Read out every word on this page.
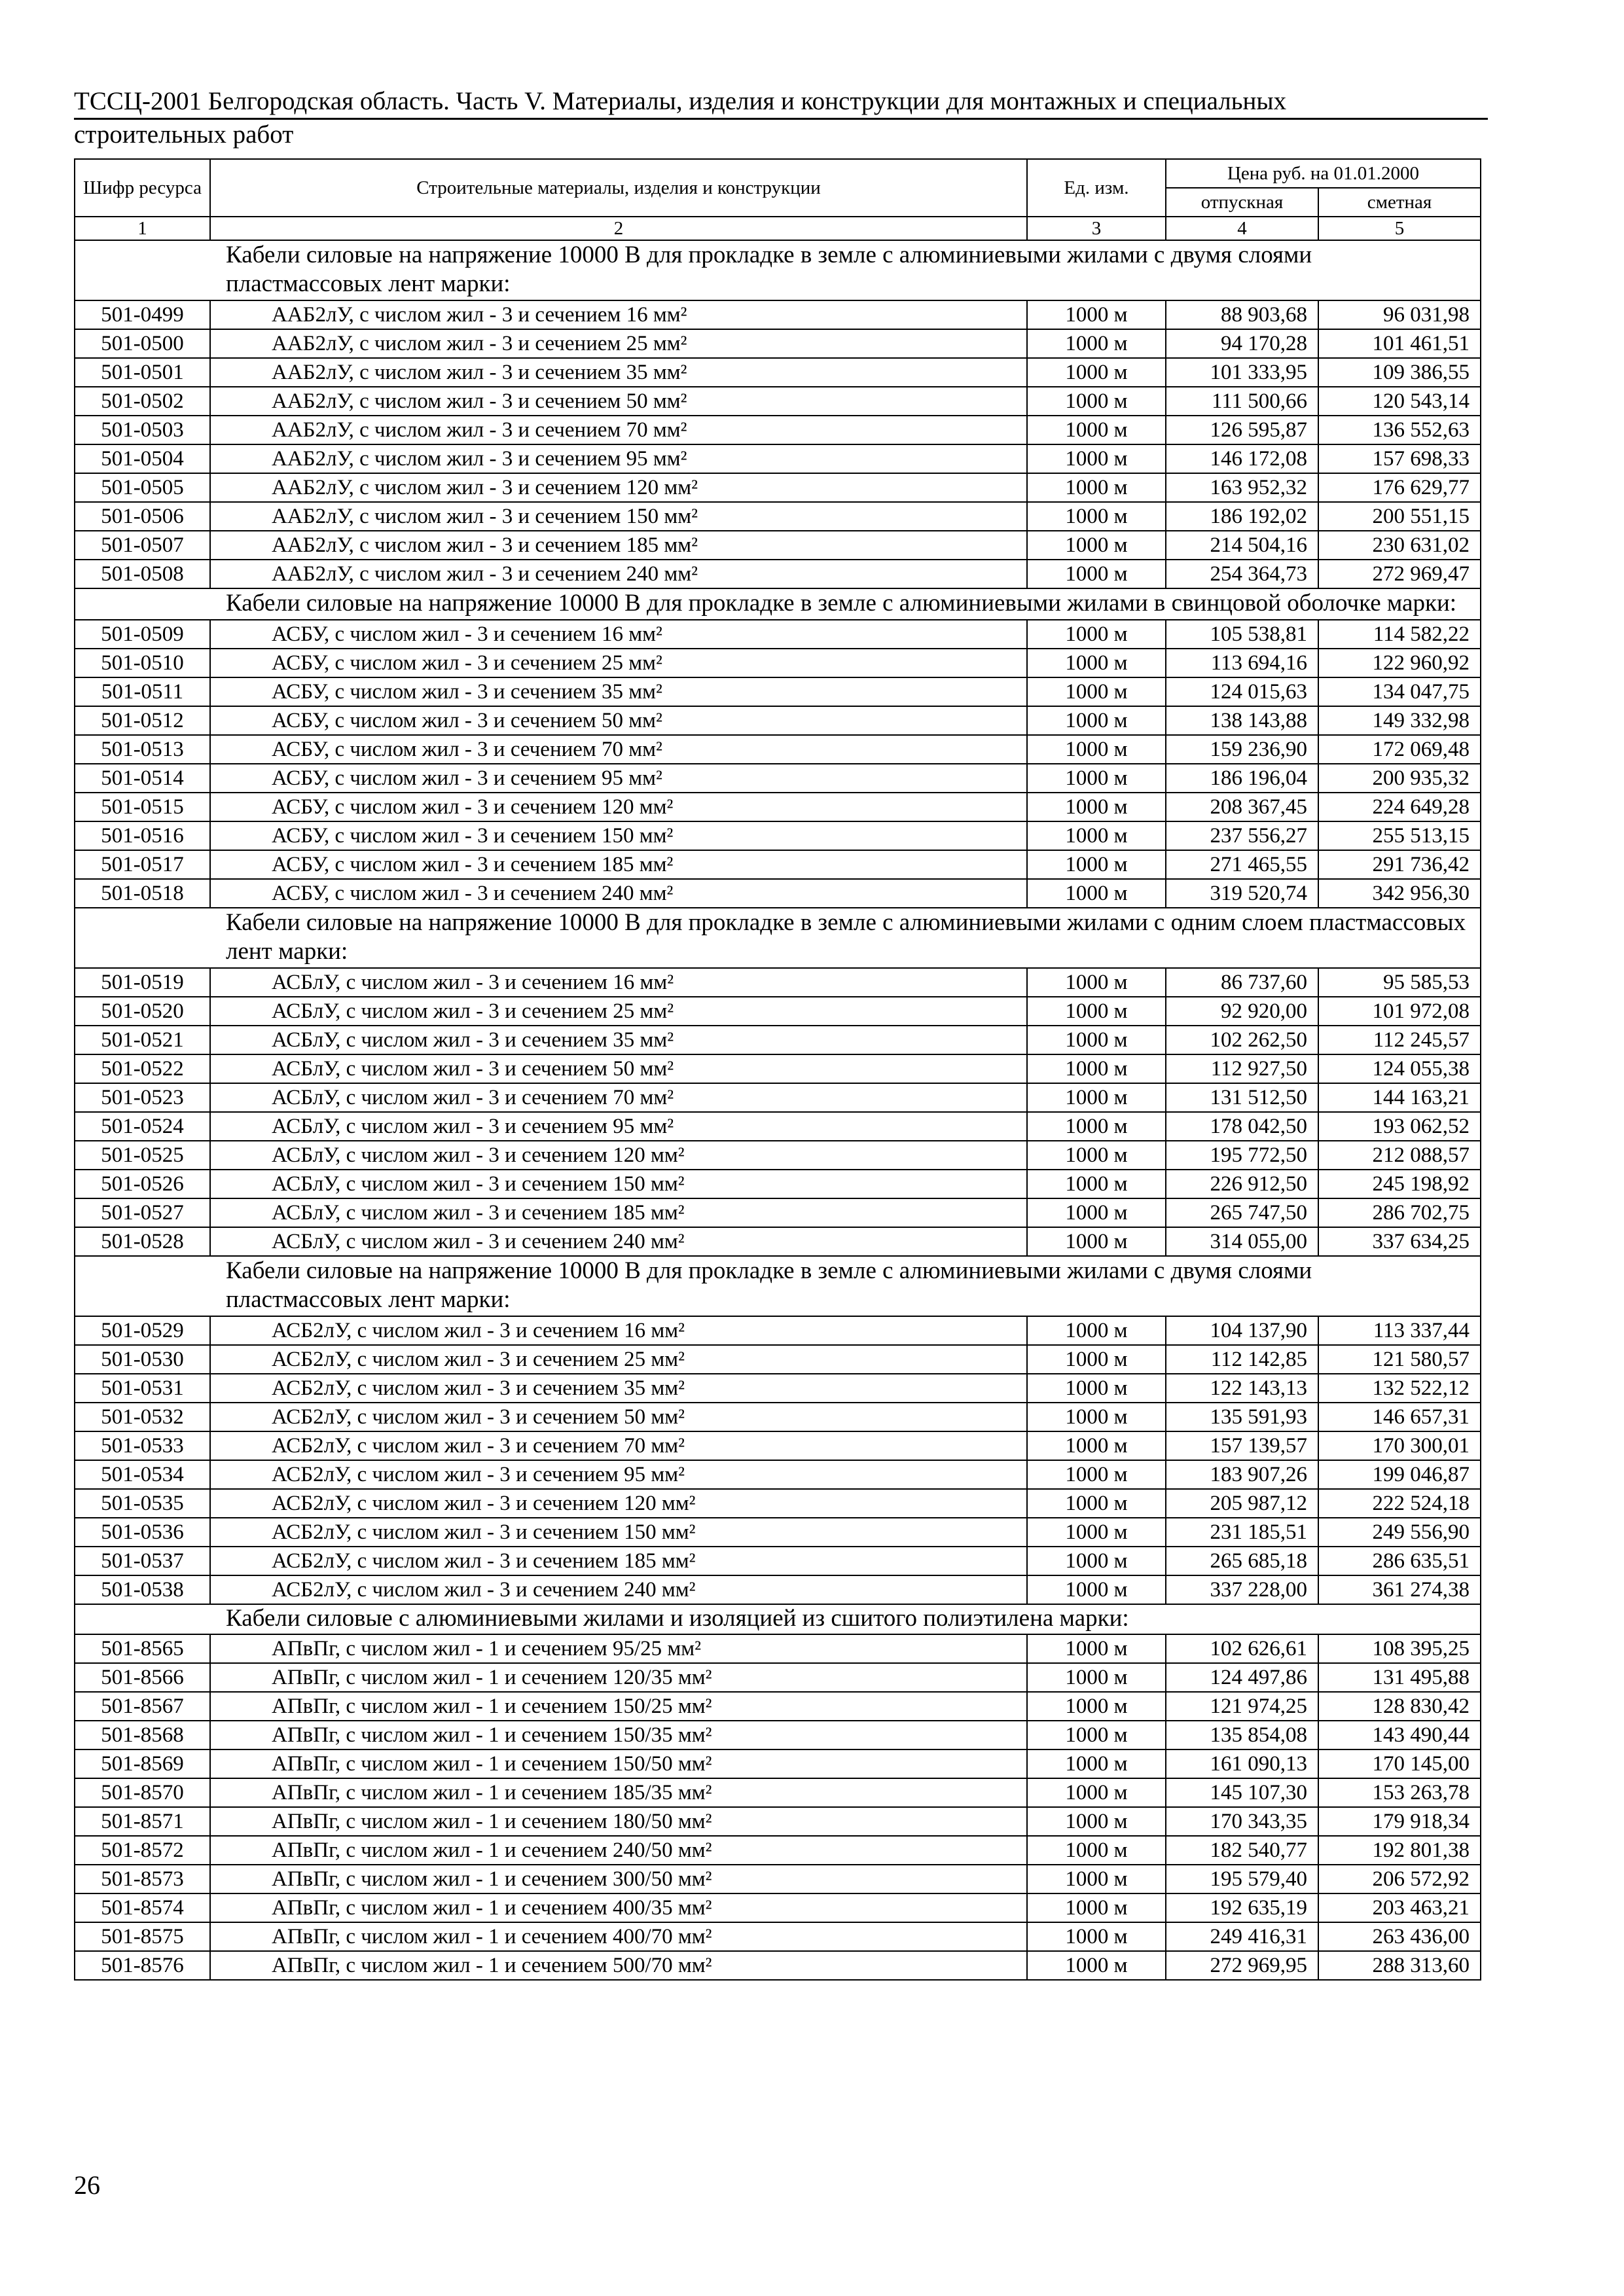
ТССЦ-2001 Белгородская область. Часть V. Материалы, изделия и конструкции для монтажных и специальных
строительных работ
Шифр ресурса	Строительные материалы, изделия и конструкции	Ед. изм.	Цена руб. на 01.01.2000	
			отпускная	сметная
1	2	3	4	5
Кабели силовые на напряжение 10000 В для прокладке в земле с алюминиевыми жилами с двумя слоями пластмассовых лент марки:				
501-0499	ААБ2лУ, с числом жил - 3 и сечением 16 мм²	1000 м	88 903,68	96 031,98
501-0500	ААБ2лУ, с числом жил - 3 и сечением 25 мм²	1000 м	94 170,28	101 461,51
501-0501	ААБ2лУ, с числом жил - 3 и сечением 35 мм²	1000 м	101 333,95	109 386,55
501-0502	ААБ2лУ, с числом жил - 3 и сечением 50 мм²	1000 м	111 500,66	120 543,14
501-0503	ААБ2лУ, с числом жил - 3 и сечением 70 мм²	1000 м	126 595,87	136 552,63
501-0504	ААБ2лУ, с числом жил - 3 и сечением 95 мм²	1000 м	146 172,08	157 698,33
501-0505	ААБ2лУ, с числом жил - 3 и сечением 120 мм²	1000 м	163 952,32	176 629,77
501-0506	ААБ2лУ, с числом жил - 3 и сечением 150 мм²	1000 м	186 192,02	200 551,15
501-0507	ААБ2лУ, с числом жил - 3 и сечением 185 мм²	1000 м	214 504,16	230 631,02
501-0508	ААБ2лУ, с числом жил - 3 и сечением 240 мм²	1000 м	254 364,73	272 969,47
Кабели силовые на напряжение 10000 В для прокладке в земле с алюминиевыми жилами в свинцовой оболочке марки:				
501-0509	АСБУ, с числом жил - 3 и сечением 16 мм²	1000 м	105 538,81	114 582,22
501-0510	АСБУ, с числом жил - 3 и сечением 25 мм²	1000 м	113 694,16	122 960,92
501-0511	АСБУ, с числом жил - 3 и сечением 35 мм²	1000 м	124 015,63	134 047,75
501-0512	АСБУ, с числом жил - 3 и сечением 50 мм²	1000 м	138 143,88	149 332,98
501-0513	АСБУ, с числом жил - 3 и сечением 70 мм²	1000 м	159 236,90	172 069,48
501-0514	АСБУ, с числом жил - 3 и сечением 95 мм²	1000 м	186 196,04	200 935,32
501-0515	АСБУ, с числом жил - 3 и сечением 120 мм²	1000 м	208 367,45	224 649,28
501-0516	АСБУ, с числом жил - 3 и сечением 150 мм²	1000 м	237 556,27	255 513,15
501-0517	АСБУ, с числом жил - 3 и сечением 185 мм²	1000 м	271 465,55	291 736,42
501-0518	АСБУ, с числом жил - 3 и сечением 240 мм²	1000 м	319 520,74	342 956,30
Кабели силовые на напряжение 10000 В для прокладке в земле с алюминиевыми жилами с одним слоем пластмассовых лент марки:				
501-0519	АСБлУ, с числом жил - 3 и сечением 16 мм²	1000 м	86 737,60	95 585,53
501-0520	АСБлУ, с числом жил - 3 и сечением 25 мм²	1000 м	92 920,00	101 972,08
501-0521	АСБлУ, с числом жил - 3 и сечением 35 мм²	1000 м	102 262,50	112 245,57
501-0522	АСБлУ, с числом жил - 3 и сечением 50 мм²	1000 м	112 927,50	124 055,38
501-0523	АСБлУ, с числом жил - 3 и сечением 70 мм²	1000 м	131 512,50	144 163,21
501-0524	АСБлУ, с числом жил - 3 и сечением 95 мм²	1000 м	178 042,50	193 062,52
501-0525	АСБлУ, с числом жил - 3 и сечением 120 мм²	1000 м	195 772,50	212 088,57
501-0526	АСБлУ, с числом жил - 3 и сечением 150 мм²	1000 м	226 912,50	245 198,92
501-0527	АСБлУ, с числом жил - 3 и сечением 185 мм²	1000 м	265 747,50	286 702,75
501-0528	АСБлУ, с числом жил - 3 и сечением 240 мм²	1000 м	314 055,00	337 634,25
Кабели силовые на напряжение 10000 В для прокладке в земле с алюминиевыми жилами с двумя слоями пластмассовых лент марки:				
501-0529	АСБ2лУ, с числом жил - 3 и сечением 16 мм²	1000 м	104 137,90	113 337,44
501-0530	АСБ2лУ, с числом жил - 3 и сечением 25 мм²	1000 м	112 142,85	121 580,57
501-0531	АСБ2лУ, с числом жил - 3 и сечением 35 мм²	1000 м	122 143,13	132 522,12
501-0532	АСБ2лУ, с числом жил - 3 и сечением 50 мм²	1000 м	135 591,93	146 657,31
501-0533	АСБ2лУ, с числом жил - 3 и сечением 70 мм²	1000 м	157 139,57	170 300,01
501-0534	АСБ2лУ, с числом жил - 3 и сечением 95 мм²	1000 м	183 907,26	199 046,87
501-0535	АСБ2лУ, с числом жил - 3 и сечением 120 мм²	1000 м	205 987,12	222 524,18
501-0536	АСБ2лУ, с числом жил - 3 и сечением 150 мм²	1000 м	231 185,51	249 556,90
501-0537	АСБ2лУ, с числом жил - 3 и сечением 185 мм²	1000 м	265 685,18	286 635,51
501-0538	АСБ2лУ, с числом жил - 3 и сечением 240 мм²	1000 м	337 228,00	361 274,38
Кабели силовые с алюминиевыми жилами и изоляцией из сшитого полиэтилена марки:				
501-8565	АПвПг, с числом жил - 1 и сечением 95/25 мм²	1000 м	102 626,61	108 395,25
501-8566	АПвПг, с числом жил - 1 и сечением 120/35 мм²	1000 м	124 497,86	131 495,88
501-8567	АПвПг, с числом жил - 1 и сечением 150/25 мм²	1000 м	121 974,25	128 830,42
501-8568	АПвПг, с числом жил - 1 и сечением 150/35 мм²	1000 м	135 854,08	143 490,44
501-8569	АПвПг, с числом жил - 1 и сечением 150/50 мм²	1000 м	161 090,13	170 145,00
501-8570	АПвПг, с числом жил - 1 и сечением 185/35 мм²	1000 м	145 107,30	153 263,78
501-8571	АПвПг, с числом жил - 1 и сечением 180/50 мм²	1000 м	170 343,35	179 918,34
501-8572	АПвПг, с числом жил - 1 и сечением 240/50 мм²	1000 м	182 540,77	192 801,38
501-8573	АПвПг, с числом жил - 1 и сечением 300/50 мм²	1000 м	195 579,40	206 572,92
501-8574	АПвПг, с числом жил - 1 и сечением 400/35 мм²	1000 м	192 635,19	203 463,21
501-8575	АПвПг, с числом жил - 1 и сечением 400/70 мм²	1000 м	249 416,31	263 436,00
501-8576	АПвПг, с числом жил - 1 и сечением 500/70 мм²	1000 м	272 969,95	288 313,60
26
